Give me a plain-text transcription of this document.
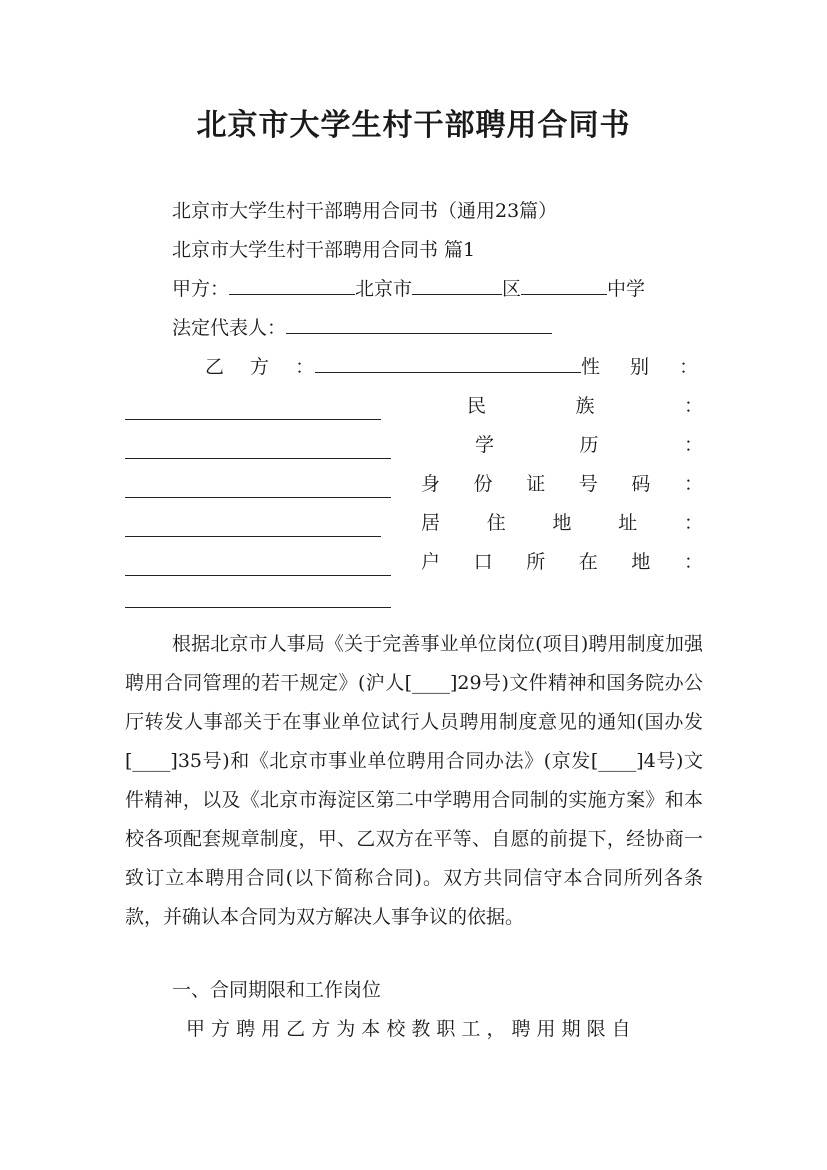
北京市大学生村干部聘用合同书
北京市大学生村干部聘用合同书（通用23篇）
北京市大学生村干部聘用合同书 篇1
甲方：	北京市	区	中学
法定代表人：
乙 方 ：	性 别 ：
民	族	：
学	历	：
身 份 证 号 码 ：
居 住 地 址 ：
户 口 所 在 地 ：
根据北京市人事局《关于完善事业单位岗位(项目)聘用制度加强聘用合同管理的若干规定》(沪人[____]29号)文件精神和国务院办公厅转发人事部关于在事业单位试行人员聘用制度意见的通知(国办发[____]35号)和《北京市事业单位聘用合同办法》(京发[____]4号)文件精神，以及《北京市海淀区第二中学聘用合同制的实施方案》和本校各项配套规章制度，甲、乙双方在平等、自愿的前提下，经协商一致订立本聘用合同(以下简称合同)。双方共同信守本合同所列各条款，并确认本合同为双方解决人事争议的依据。
一、合同期限和工作岗位
甲 方 聘 用 乙 方 为 本 校 教 职 工 ， 聘 用 期 限 自
